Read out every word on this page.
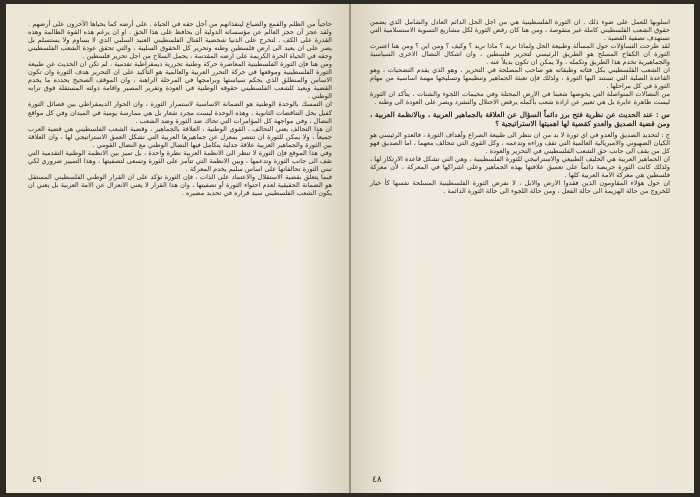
حاجياً من الظلم والقمع والضياع لينقذانهم من أجل حقه في الحياة . على أرضه كما يحياها الآخرون على أرضهم . ولقد عجز آن حجز العالم عن مؤسساته الدولية أن يحافظ على هذا الحق . او ان يرغم هذه القوة الظالمة وهذه القدرة على الكف . لتخرج على الدنيا شخصية القتال الفلسطيني العنيد السلبي الذي لا يساوم ولا يستسلم بل يصر على ان يعيد الى ارض فلسطين وطنه وتحرير كل الحقوق السليبة ، والتي تحقق عودة الشعب الفلسطيني وحقه في الحياة الحرة الكريمة على ارضه المقدسة ، يحمل السلاح من اجل تحرير فلسطين .
ومن هنا فإن الثورة الفلسطينية المعاصرة حركة وطنية تحررية ديمقراطية تقدمية ، لم تكن ان الحديث عن طبيعة الثورة الفلسطينية وموقعها في حركة التحرر العربية والعالمية هو التأكيد على ان التحرير هدف الثورة وان تكون الاساس والمنطلق الذي يحكم سياستها وبرامجها في المرحلة الراهنة ، وان الموقف الصحيح يحدده ما يخدم القضية ويعيد للشعب الفلسطيني حقوقه الوطنية في العودة وتقرير المصير واقامة دولته المستقلة فوق ترابه الوطني .
ان التمسك بالوحدة الوطنية هو الضمانة الاساسية لاستمرار الثورة ، وان الحوار الديمقراطي بين فصائل الثورة كفيل بحل التناقضات الثانوية ، وهذه الوحدة ليست مجرد شعار بل هي ممارسة يومية في الميدان وفي كل مواقع النضال ، وفي مواجهة كل المؤامرات التي تحاك ضد الثورة وضد الشعب .
ان هذا التحالف يعني التحالف ، القوى الوطنية ، العلاقة بالجماهير ، وقضية الشعب الفلسطيني هي قضية العرب جميعاً ، ولا يمكن للثورة ان تنتصر بمعزل عن جماهيرها العربية التي تشكل العمق الاستراتيجي لها ، وان العلاقة بين الثورة والجماهير العربية علاقة جدلية يتكامل فيها النضال الوطني مع النضال القومي .
وفي هذا الموقع فإن الثورة لا تنظر الى الانظمة العربية نظرة واحدة ، بل تميز بين الانظمة الوطنية التقدمية التي تقف الى جانب الثورة وتدعمها ، وبين الانظمة التي تتآمر على الثورة وتسعى لتصفيتها ، وهذا التمييز ضروري لكي تبني الثورة تحالفاتها على اساس سليم يخدم المعركة .
فيما يتعلق بقضية الاستقلال والاعتماد على الذات ، فإن الثورة تؤكد على ان القرار الوطني الفلسطيني المستقل هو الضمانة الحقيقية لعدم احتواء الثورة أو تصفيتها ، وان هذا القرار لا يعني الانعزال عن الامة العربية بل يعني ان يكون الشعب الفلسطيني سيد قراره في تحديد مصيره .
٤٩
اسلوبها للعمل على ضوء ذلك . ان الثورة الفلسطينية هي من اجل الحل الدائم العادل والشامل الذي يضمن حقوق الشعب الفلسطيني كاملة غير منقوصة ، ومن هنا كان رفض الثورة لكل مشاريع التسوية الاستسلامية التي تستهدف تصفية القضية .
لقد طرحت التساؤلات حول المسألة وطبيعة الحل ولماذا نريد ؟ ماذا نريد ؟ وكيف ؟ ومن اين ؟ ومن هنا اعتبرت الثورة ان الكفاح المسلح هو الطريق الرئيسي لتحرير فلسطين ، وان اشكال النضال الاخرى السياسية والجماهيرية تخدم هذا الطريق وتكمله ، ولا يمكن ان تكون بديلاً عنه .
ان الشعب الفلسطيني بكل فئاته وطبقاته هو صاحب المصلحة في التحرير ، وهو الذي يقدم التضحيات ، وهو القاعدة الصلبة التي تستند اليها الثورة ، ولذلك فإن تعبئة الجماهير وتنظيمها وتسليحها مهمة اساسية من مهام الثورة في كل مراحلها .
من النضالات المتواصلة التي يخوضها شعبنا في الارض المحتلة وفي مخيمات اللجوء والشتات ، يتأكد ان الثورة ليست ظاهرة عابرة بل هي تعبير عن ارادة شعب بأكمله يرفض الاحتلال والتشرد ويصر على العودة الى وطنه .
س : عند الحديث عن نظرية فتح برز دائماً السؤال عن العلاقة بالجماهير العربية ، وبالانظمة العربية ، ومن قضية الصديق والعدو كقضية لها اهميتها الاستراتيجية ؟
ج : لتحديد الصديق والعدو في اي ثورة لا بد من ان ننظر الى طبيعة الصراع وأهداف الثورة ، فالعدو الرئيسي هو الكيان الصهيوني والامبريالية العالمية التي تقف وراءه وتدعمه ، وكل القوى التي تتحالف معهما ، اما الصديق فهو كل من يقف الى جانب حق الشعب الفلسطيني في التحرير والعودة .
ان الجماهير العربية هي الحليف الطبيعي والاستراتيجي للثورة الفلسطينية ، وهي التي تشكل قاعدة الارتكاز لها ، ولذلك كانت الثورة حريصة دائماً على تعميق علاقتها بهذه الجماهير وعلى اشراكها في المعركة ، لأن معركة فلسطين هي معركة الامة العربية كلها .
ان حول هؤلاء المقاومون الذين فقدوا الارض والابل ، لا نفرض الثورة الفلسطينية المسلحة نفسها كأ خيار للخروج من حالة الهزيمة الى حالة الفعل ، ومن حالة اللجوء الى حالة الثورة الدائمة .
٤٨
